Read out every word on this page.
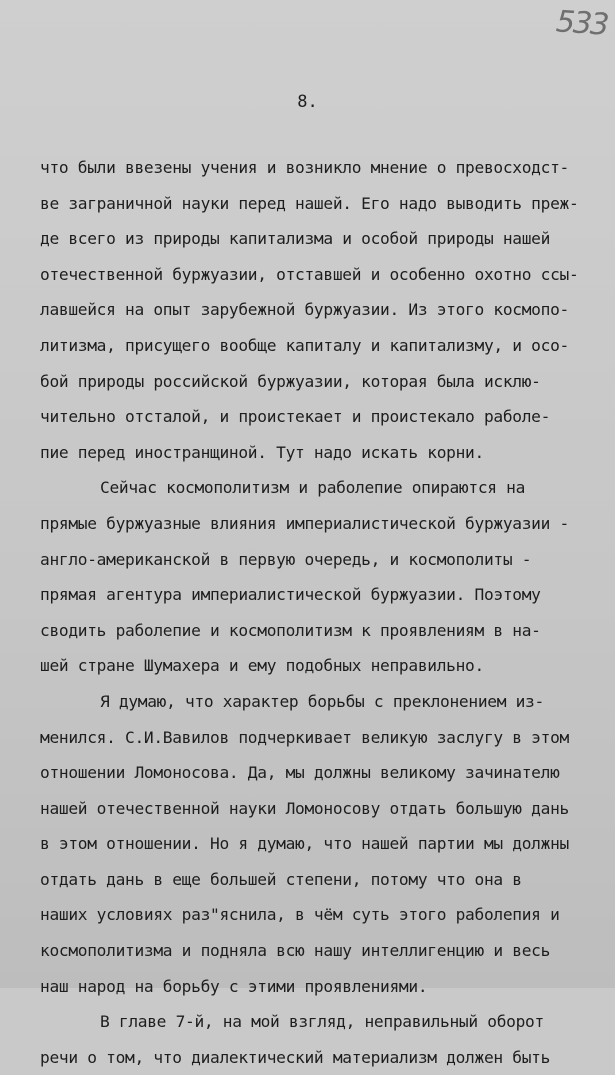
533
8.
что были ввезены учения и возникло мнение о превосходст-
ве заграничной науки перед нашей. Его надо выводить преж-
де всего из природы капитализма и особой природы нашей
отечественной буржуазии, отставшей и особенно охотно ссы-
лавшейся на опыт зарубежной буржуазии. Из этого космопо-
литизма, присущего вообще капиталу и капитализму, и осо-
бой природы российской буржуазии, которая была исклю-
чительно отсталой, и проистекает и проистекало раболе-
пие перед иностранщиной. Тут надо искать корни.
Сейчас космополитизм и раболепие опираются на
прямые буржуазные влияния империалистической буржуазии -
англо-американской в первую очередь, и космополиты -
прямая агентура империалистической буржуазии. Поэтому
сводить раболепие и космополитизм к проявлениям в на-
шей стране Шумахера и ему подобных неправильно.
Я думаю, что характер борьбы с преклонением из-
менился. С.И.Вавилов подчеркивает великую заслугу в этом
отношении Ломоносова. Да, мы должны великому зачинателю
нашей отечественной науки Ломоносову отдать большую дань
в этом отношении. Но я думаю, что нашей партии мы должны
отдать дань в еще большей степени, потому что она в
наших условиях раз"яснила, в чём суть этого раболепия и
космополитизма и подняла всю нашу интеллигенцию и весь
наш народ на борьбу с этими проявлениями.
В главе 7-й, на мой взгляд, неправильный оборот
речи о том, что диалектический материализм должен быть
